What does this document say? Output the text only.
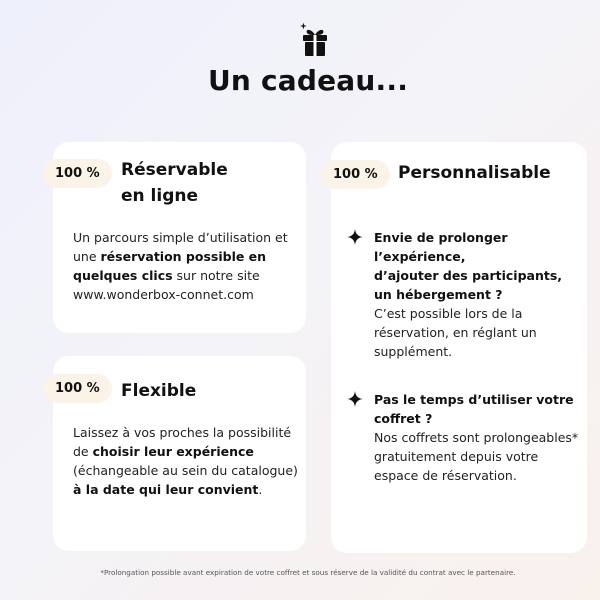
Un cadeau...
100 %	Réservable
en ligne
Un parcours simple d’utilisation et une réservation possible en quelques clics sur notre site www.wonderbox-connet.com
100 %	Flexible
Laissez à vos proches la possibilité de choisir leur expérience (échangeable au sein du catalogue) à la date qui leur convient.
100 %	Personnalisable
Envie de prolonger l’expérience,
d’ajouter des participants,
un hébergement ?
C’est possible lors de la réservation, en réglant un supplément.
Pas le temps d’utiliser votre coffret ?
Nos coffrets sont prolongeables* gratuitement depuis votre espace de réservation.
*Prolongation possible avant expiration de votre coffret et sous réserve de la validité du contrat avec le partenaire.
